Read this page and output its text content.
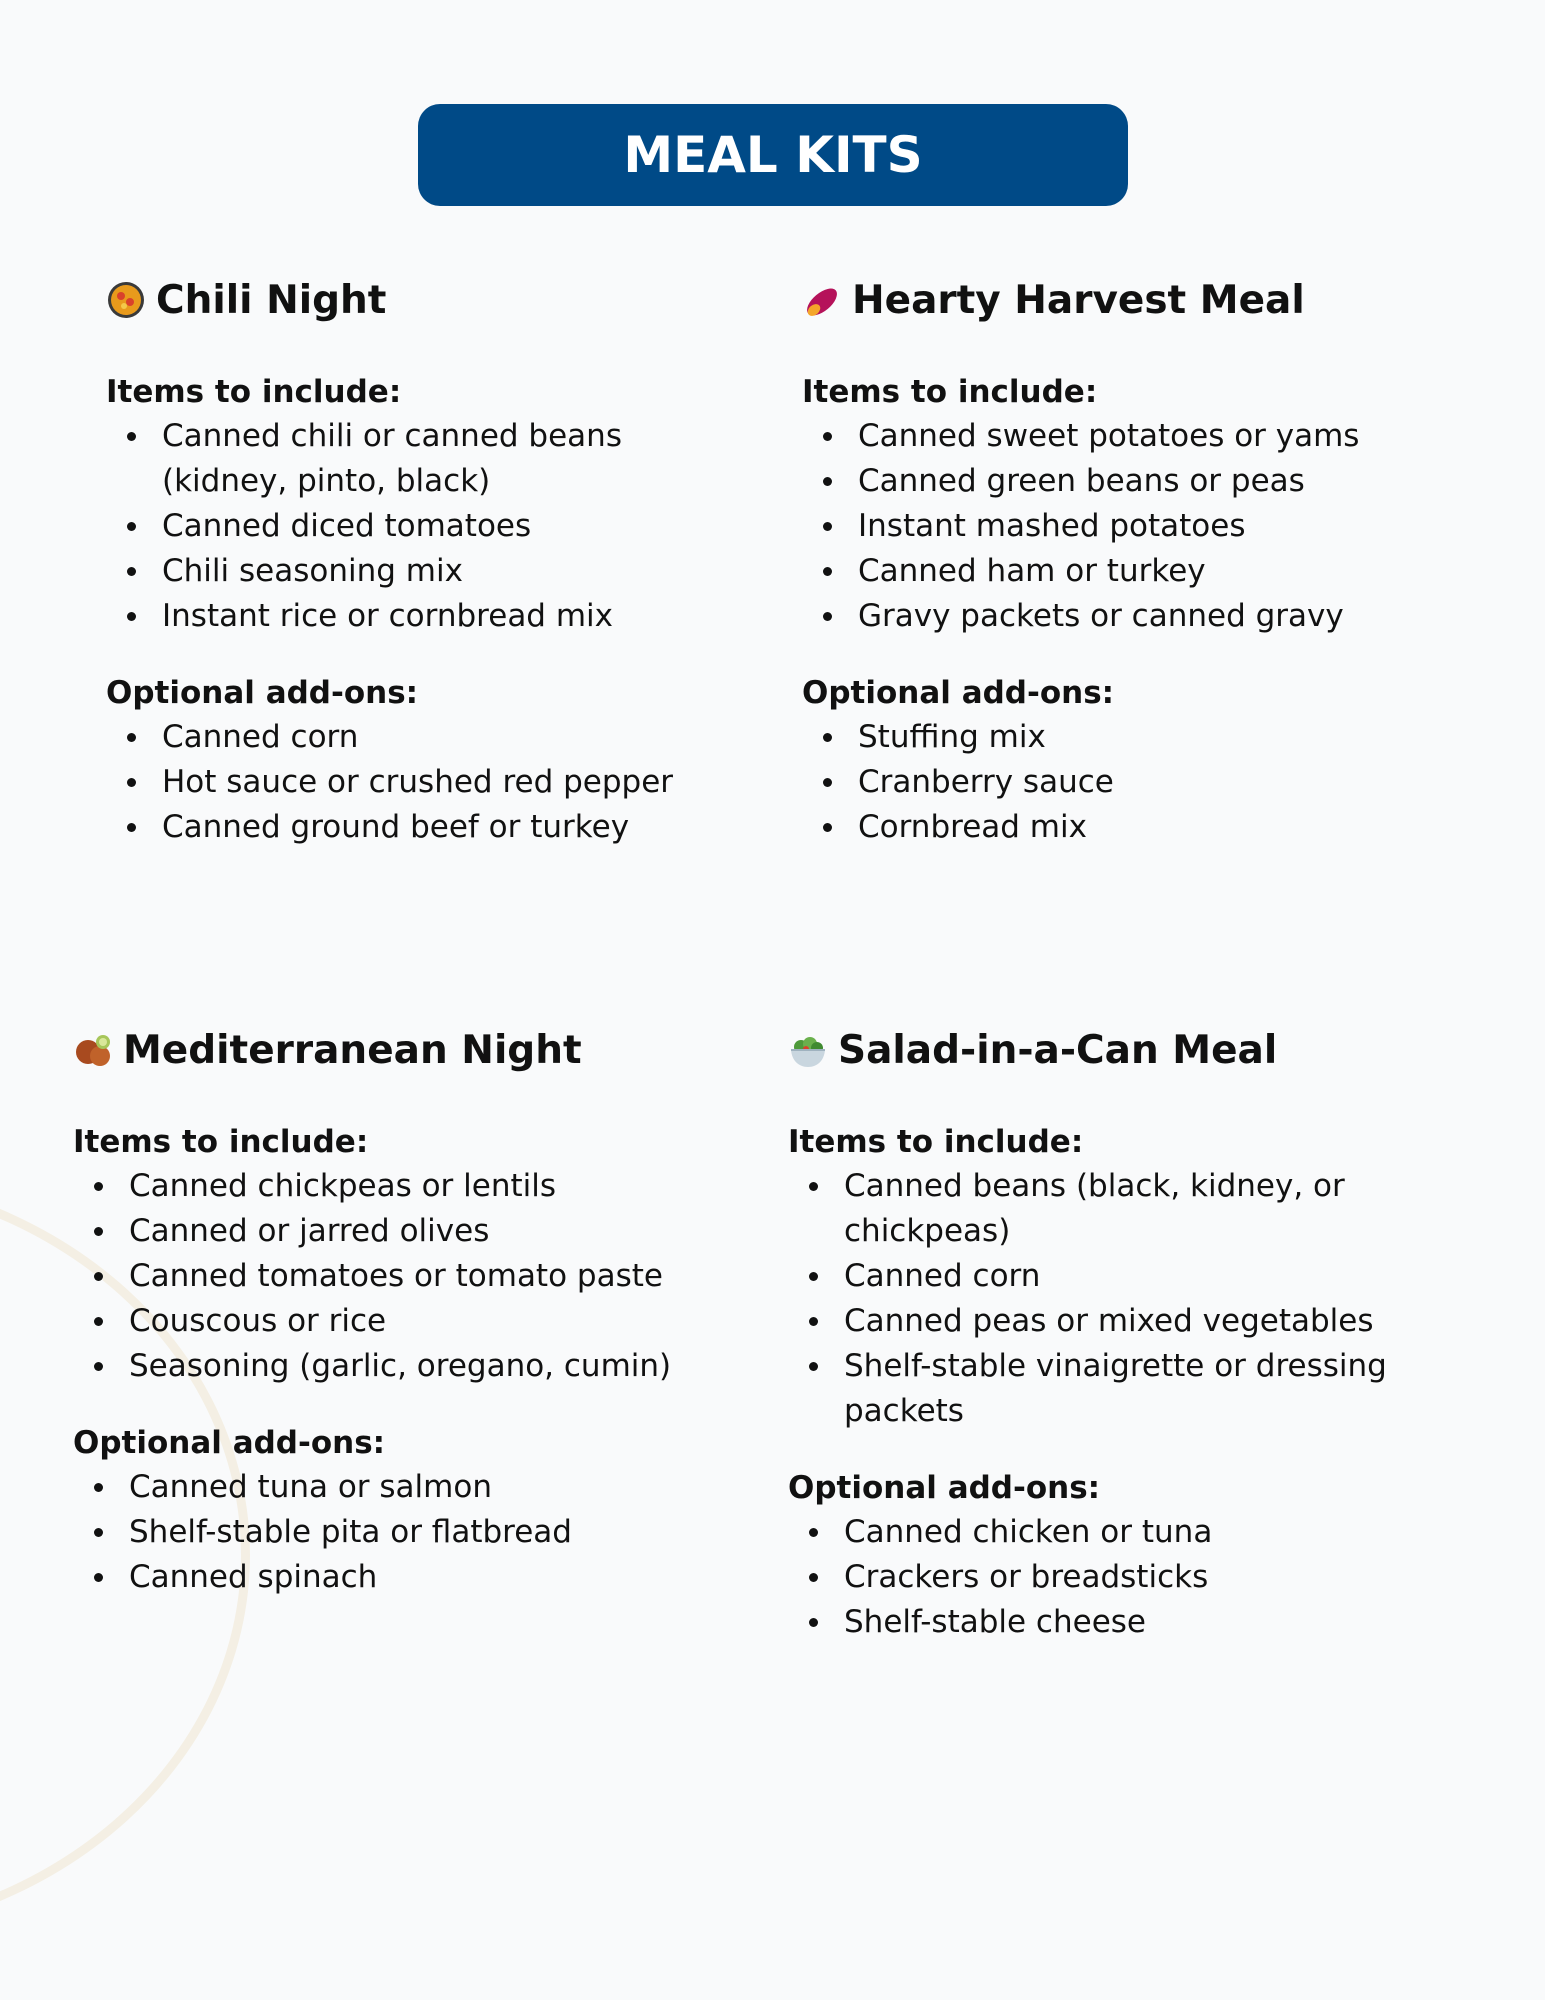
MEAL KITS
Chili Night
Items to include:
Canned chili or canned beans
(kidney, pinto, black)
Canned diced tomatoes
Chili seasoning mix
Instant rice or cornbread mix
Optional add-ons:
Canned corn
Hot sauce or crushed red pepper
Canned ground beef or turkey
Hearty Harvest Meal
Items to include:
Canned sweet potatoes or yams
Canned green beans or peas
Instant mashed potatoes
Canned ham or turkey
Gravy packets or canned gravy
Optional add-ons:
Stuffing mix
Cranberry sauce
Cornbread mix
Mediterranean Night
Items to include:
Canned chickpeas or lentils
Canned or jarred olives
Canned tomatoes or tomato paste
Couscous or rice
Seasoning (garlic, oregano, cumin)
Optional add-ons:
Canned tuna or salmon
Shelf-stable pita or flatbread
Canned spinach
Salad-in-a-Can Meal
Items to include:
Canned beans (black, kidney, or
chickpeas)
Canned corn
Canned peas or mixed vegetables
Shelf-stable vinaigrette or dressing
packets
Optional add-ons:
Canned chicken or tuna
Crackers or breadsticks
Shelf-stable cheese
